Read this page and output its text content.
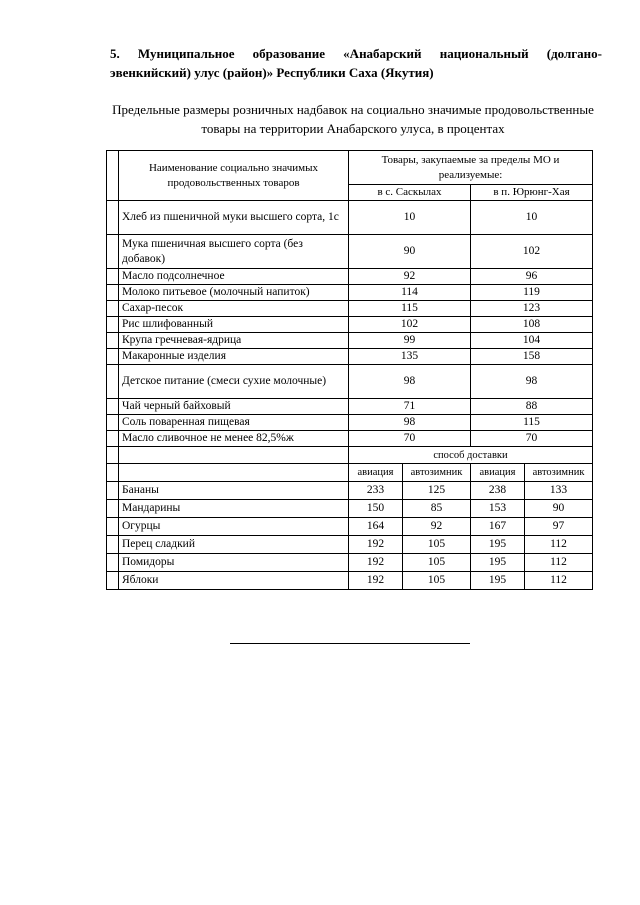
5. Муниципальное образование «Анабарский национальный (долгано-эвенкийский) улус (район)» Республики Саха (Якутия)
Предельные размеры розничных надбавок на социально значимые продовольственные товары на территории Анабарского улуса, в процентах
	Наименование социально значимых продовольственных товаров	Товары, закупаемые за пределы МО и реализуемые:			
		в с. Саскылах		в п. Юрюнг-Хая	
	Хлеб из пшеничной муки высшего сорта, 1с	10		10	
	Мука пшеничная высшего сорта (без добавок)	90		102	
	Масло подсолнечное	92		96	
	Молоко питьевое (молочный напиток)	114		119	
	Сахар-песок	115		123	
	Рис шлифованный	102		108	
	Крупа гречневая-ядрица	99		104	
	Макаронные изделия	135		158	
	Детское питание (смеси сухие молочные)	98		98	
	Чай черный байховый	71		88	
	Соль поваренная пищевая	98		115	
	Масло сливочное не менее 82,5%ж	70		70	
		способ доставки			
		авиация	автозимник	авиация	автозимник
	Бананы	233	125	238	133
	Мандарины	150	85	153	90
	Огурцы	164	92	167	97
	Перец сладкий	192	105	195	112
	Помидоры	192	105	195	112
	Яблоки	192	105	195	112
